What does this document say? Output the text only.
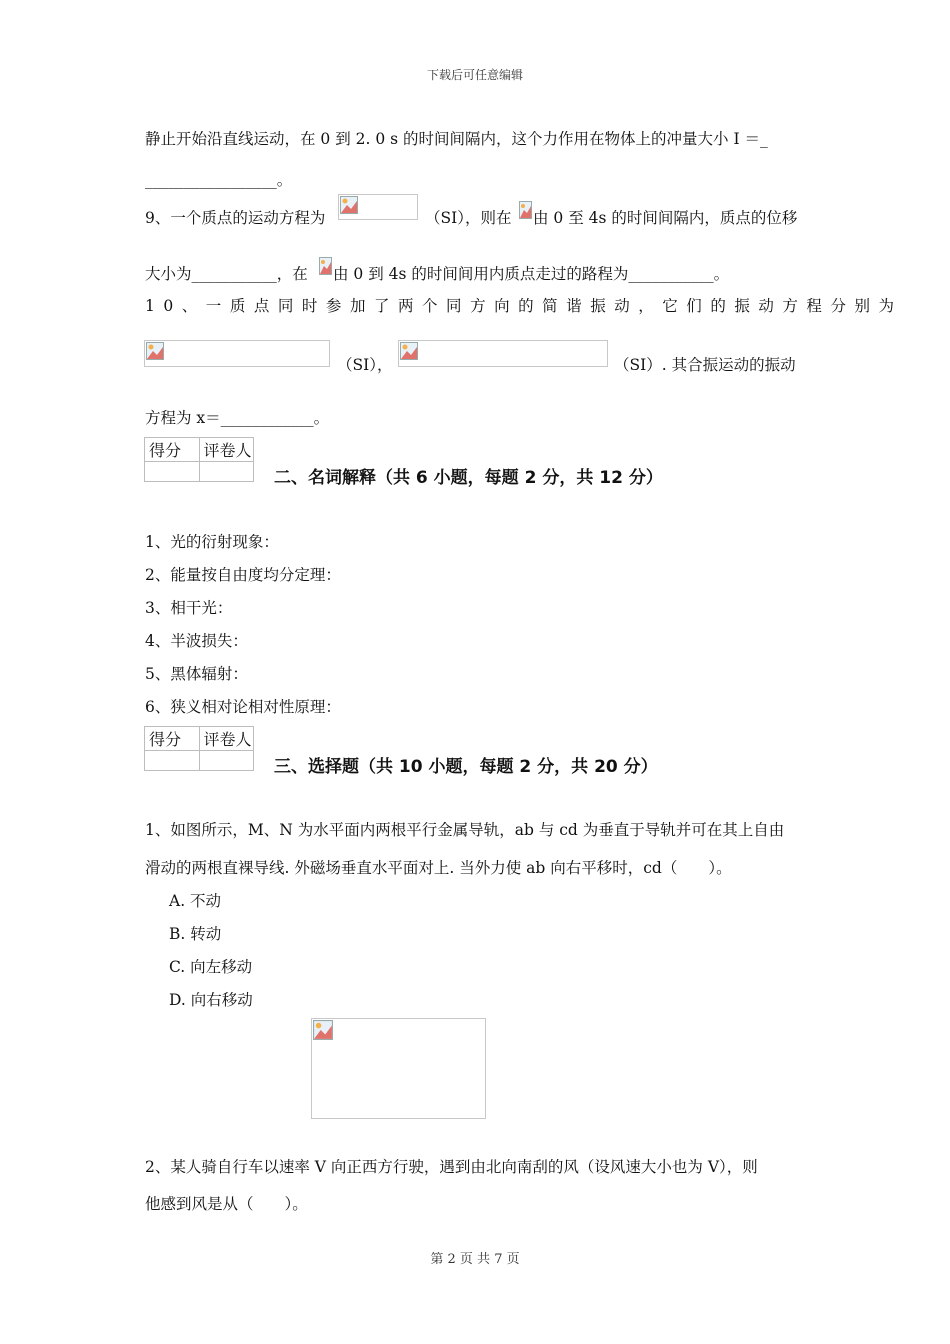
下载后可任意编辑
静止开始沿直线运动，在 0 到 2. 0 s 的时间间隔内，这个力作用在物体上的冲量大小 I ＝_
_________________。
9、一个质点的运动方程为	（SI），则在 由 0 至 4s 的时间间隔内，质点的位移
大小为___________，在 由 0 到 4s 的时间间用内质点走过的路程为___________。
10、一质点同时参加了两个同方向的简谐振动，它们的振动方程分别为
（SI），	（SI）. 其合振运动的振动
方程为 x＝____________。
得分	评卷人

二、名词解释（共 6 小题，每题 2 分，共 12 分）
1、光的衍射现象：
2、能量按自由度均分定理：
3、相干光：
4、半波损失：
5、黑体辐射：
6、狭义相对论相对性原理：
得分	评卷人

三、选择题（共 10 小题，每题 2 分，共 20 分）
1、如图所示，M、N 为水平面内两根平行金属导轨，ab 与 cd 为垂直于导轨并可在其上自由
滑动的两根直裸导线. 外磁场垂直水平面对上. 当外力使 ab 向右平移时，cd（　　）。
A. 不动
B. 转动
C. 向左移动
D. 向右移动
2、某人骑自行车以速率 V 向正西方行驶，遇到由北向南刮的风（设风速大小也为 V），则
他感到风是从（　　）。
第 2 页 共 7 页
